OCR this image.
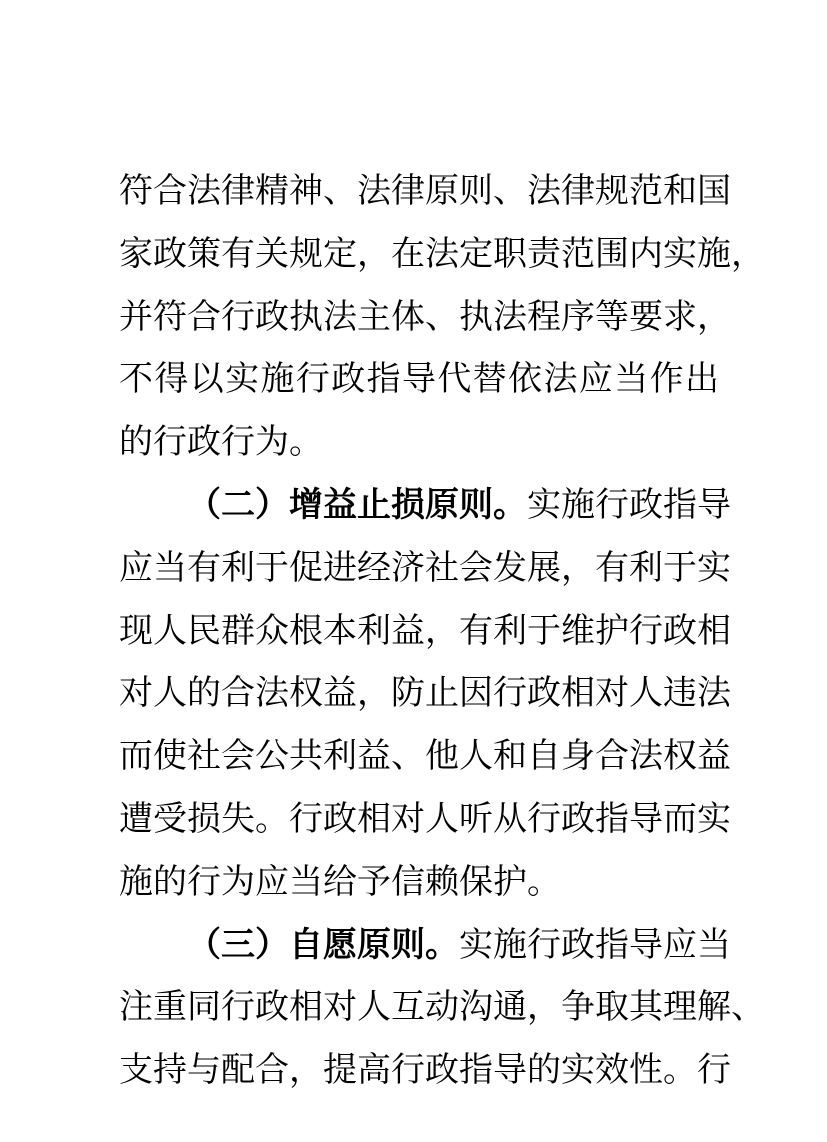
符合法律精神、法律原则、法律规范和国
家政策有关规定，在法定职责范围内实施，
并符合行政执法主体、执法程序等要求，
不得以实施行政指导代替依法应当作出
的行政行为。
（二）增益止损原则。实施行政指导
应当有利于促进经济社会发展，有利于实
现人民群众根本利益，有利于维护行政相
对人的合法权益，防止因行政相对人违法
而使社会公共利益、他人和自身合法权益
遭受损失。行政相对人听从行政指导而实
施的行为应当给予信赖保护。
（三）自愿原则。实施行政指导应当
注重同行政相对人互动沟通，争取其理解、
支持与配合，提高行政指导的实效性。行
